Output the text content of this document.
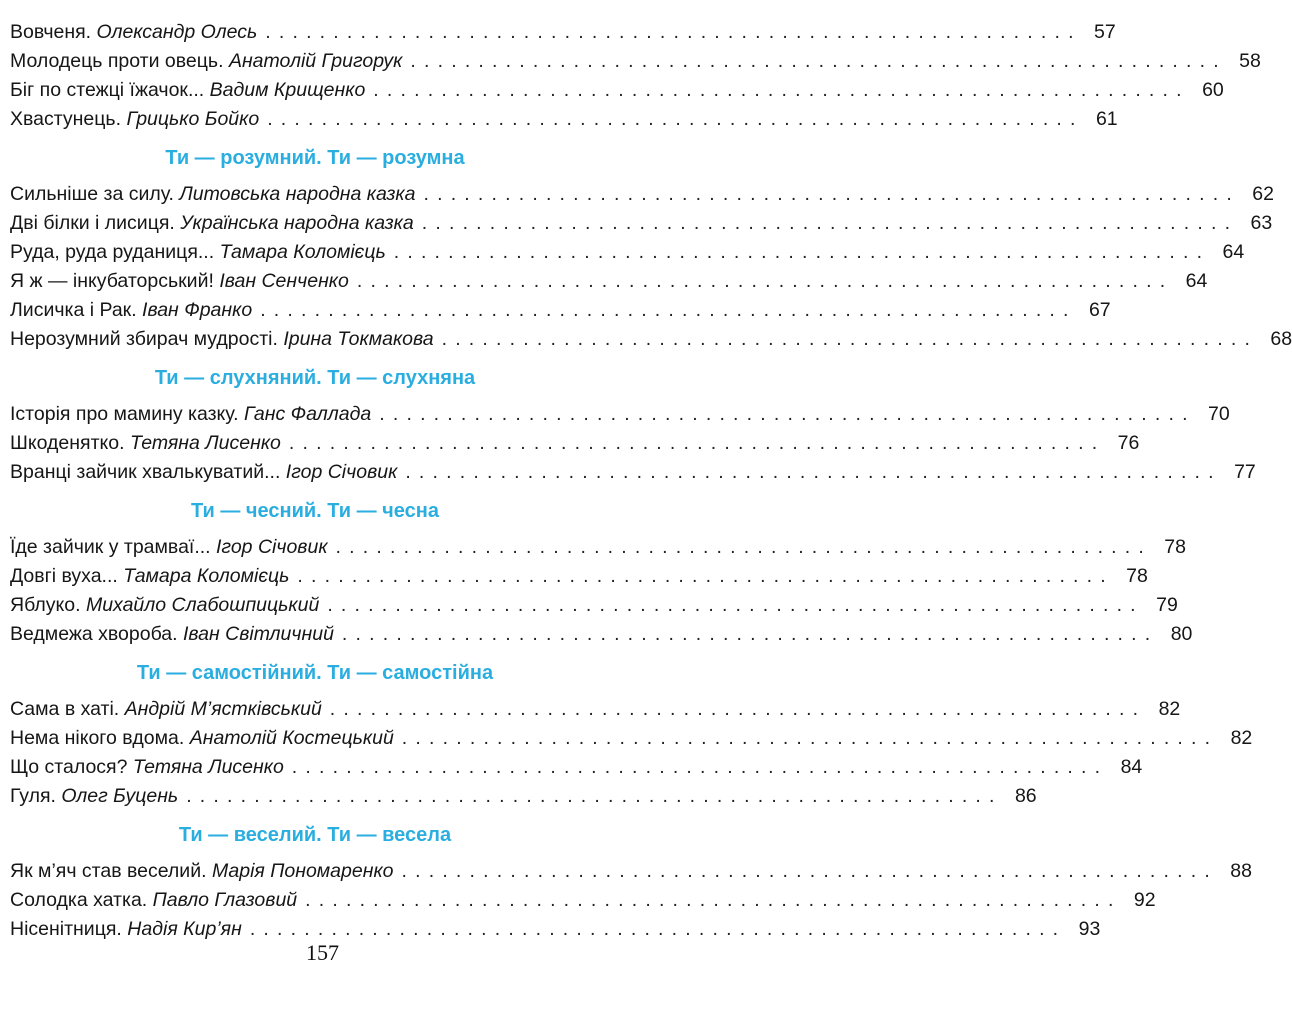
Вовченя.
Олександр Олесь ............................................................ 57
Молодець проти овець.
Анатолій Григорук ............................................................ 58
Біг по стежці їжачок...
Вадим Крищенко ............................................................ 60
Хвастунець.
Грицько Бойко ............................................................ 61
Ти — розумний. Ти — розумна
Сильніше за силу.
Литовська народна казка ............................................................ 62
Дві білки і лисиця.
Українська народна казка ............................................................ 63
Руда, руда руданиця...
Тамара Коломієць ............................................................ 64
Я ж — інкубаторський!
Іван Сенченко ............................................................ 64
Лисичка і Рак.
Іван Франко ............................................................ 67
Нерозумний збирач мудрості.
Ірина Токмакова ............................................................ 68
Ти — слухняний. Ти — слухняна
Історія про мамину казку.
Ганс Фаллада ............................................................ 70
Шкоденятко.
Тетяна Лисенко ............................................................ 76
Вранці зайчик хвалькуватий...
Ігор Січовик ............................................................ 77
Ти — чесний. Ти — чесна
Їде зайчик у трамваї...
Ігор Січовик ............................................................ 78
Довгі вуха...
Тамара Коломієць ............................................................ 78
Яблуко.
Михайло Слабошпицький ............................................................ 79
Ведмежа хвороба.
Іван Світличний ............................................................ 80
Ти — самостійний. Ти — самостійна
Сама в хаті.
Андрій М’ястківський ............................................................ 82
Нема нікого вдома.
Анатолій Костецький ............................................................ 82
Що сталося?
Тетяна Лисенко ............................................................ 84
Гуля.
Олег Буцень ............................................................ 86
Ти — веселий. Ти — весела
Як м’яч став веселий.
Марія Пономаренко ............................................................ 88
Солодка хатка.
Павло Глазовий ............................................................ 92
Нісенітниця.
Надія Кир’ян ............................................................ 93
157
